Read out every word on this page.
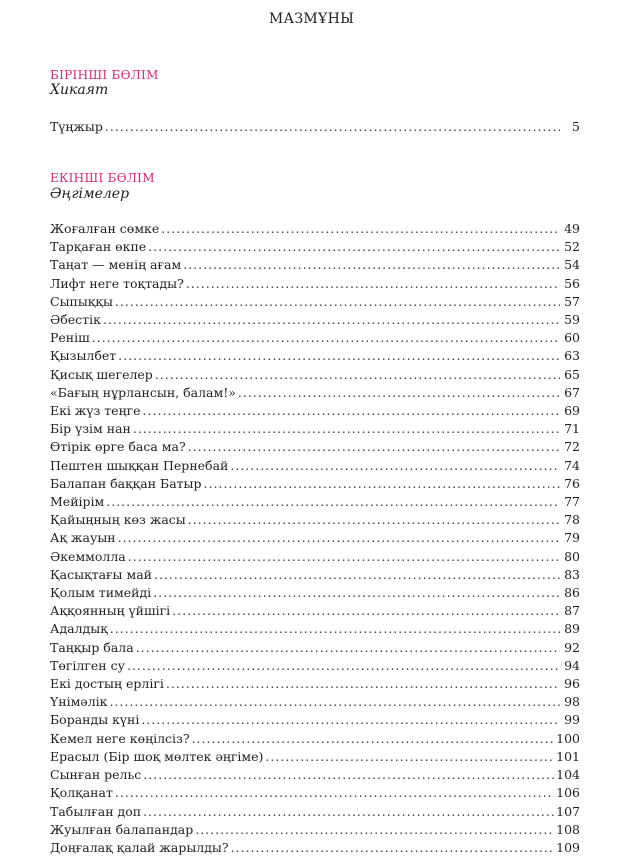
МАЗМҰНЫ
БІРІНШІ БӨЛІМ
Хикаят
Түңжыр .....	5
ЕКІНШІ БӨЛІМ
Әңгімелер
Жоғалған сөмке .....	49
Тарқаған өкпе .....	52
Таңат — менің ағам .....	54
Лифт неге тоқтады? .....	56
Сыпыққы .....	57
Әбестік .....	59
Реніш .....	60
Қызылбет .....	63
Қисық шегелер .....	65
«Бағың нұрлансын, балам!» .....	67
Екі жүз теңге .....	69
Бір үзім нан .....	71
Өтірік өрге баса ма? .....	72
Пештен шыққан Пернебай .....	74
Балапан баққан Батыр .....	76
Мейірім .....	77
Қайыңның көз жасы .....	78
Ақ жауын .....	79
Әкеммолла .....	80
Қасықтағы май .....	83
Қолым тимейді .....	86
Аққоянның үйшігі .....	87
Адалдық .....	89
Таңқыр бала .....	92
Төгілген су .....	94
Екі достың ерлігі .....	96
Үнiмәлік .....	98
Боранды күні .....	99
Кемел неге көңілсіз? .....	100
Ерасыл (Бір шоқ мөлтек әңгіме) .....	101
Сынған рельс .....	104
Қолқанат .....	106
Табылған доп .....	107
Жуылған балапандар .....	108
Доңғалақ қалай жарылды? .....	109
